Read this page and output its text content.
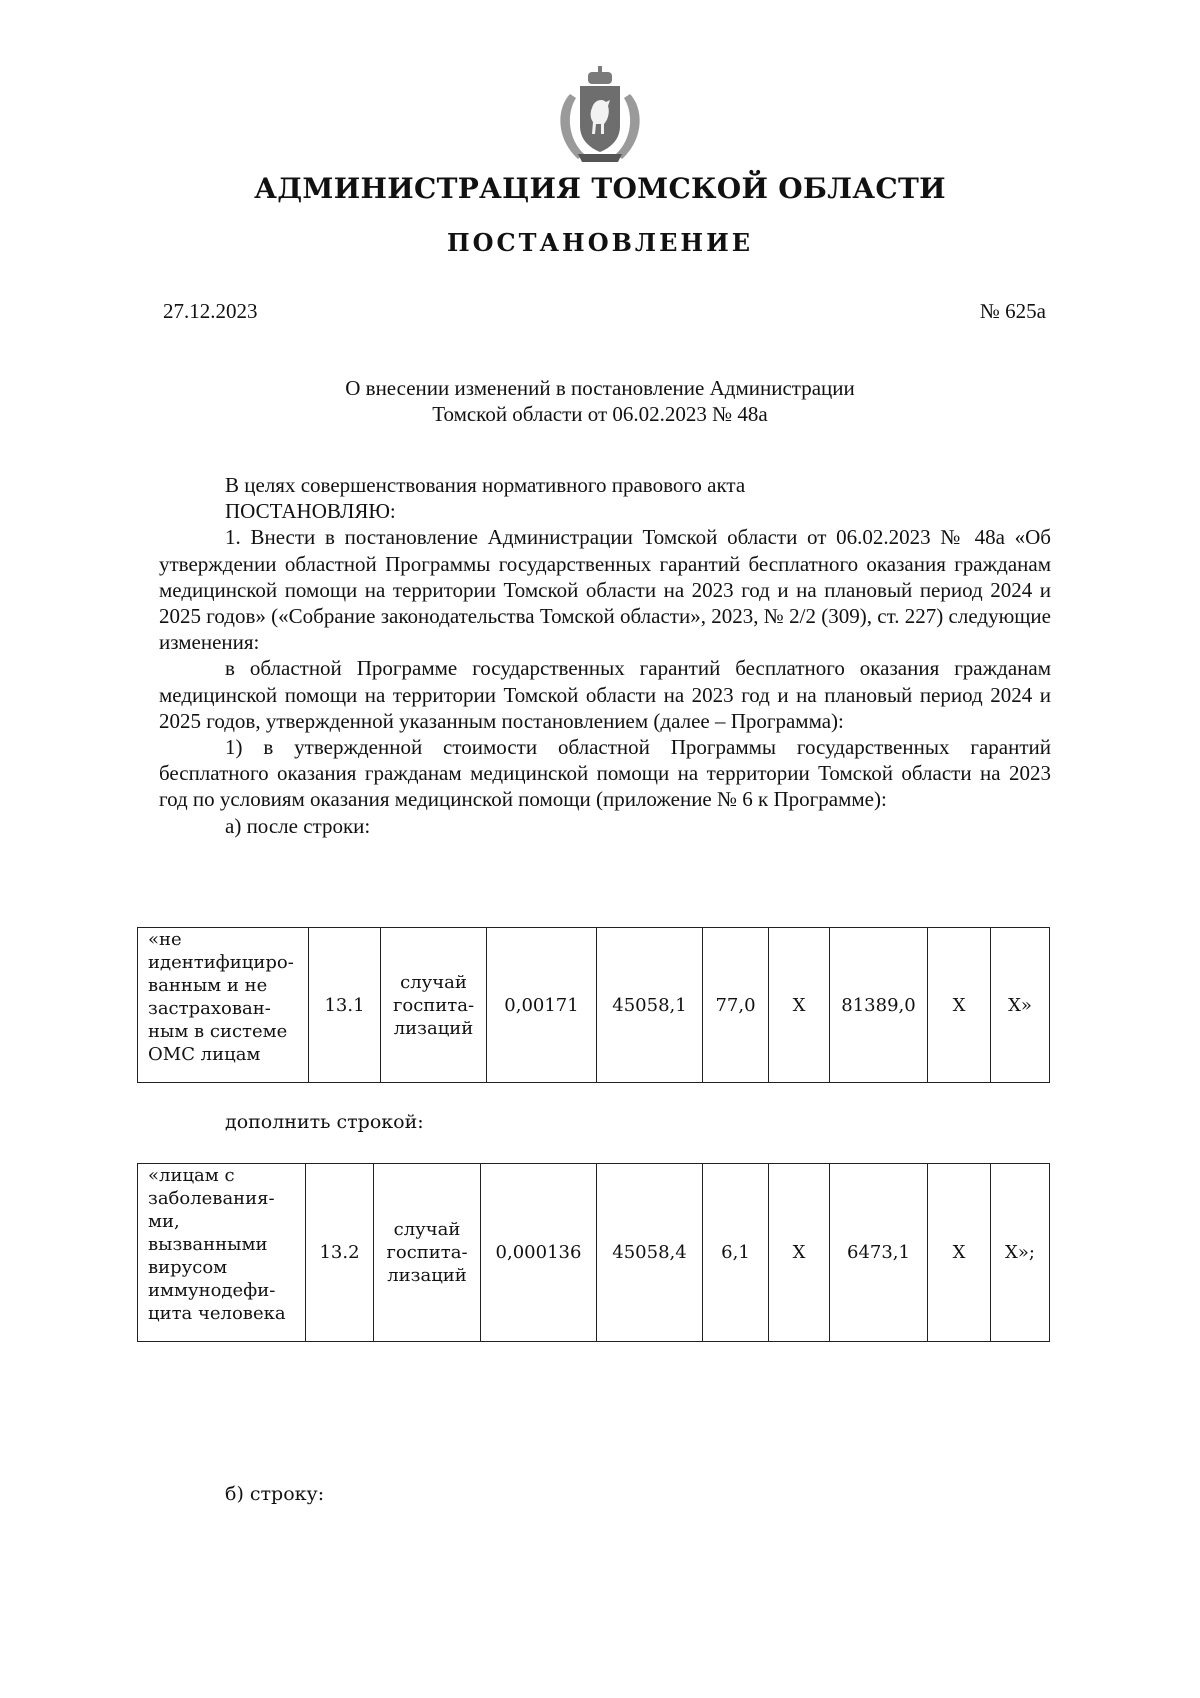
АДМИНИСТРАЦИЯ ТОМСКОЙ ОБЛАСТИ
ПОСТАНОВЛЕНИЕ
27.12.2023	№ 625а
О внесении изменений в постановление Администрации
Томской области от 06.02.2023 № 48а

В целях совершенствования нормативного правового акта

ПОСТАНОВЛЯЮ:

1. Внести в постановление Администрации Томской области от 06.02.2023 № 48а «Об утверждении областной Программы государственных гарантий бесплатного оказания гражданам медицинской помощи на территории Томской области на 2023 год и на плановый период 2024 и 2025 годов» («Собрание законодательства Томской области», 2023, № 2/2 (309), ст. 227) следующие изменения:

в областной Программе государственных гарантий бесплатного оказания гражданам медицинской помощи на территории Томской области на 2023 год и на плановый период 2024 и 2025 годов, утвержденной указанным постановлением (далее – Программа):

1) в утвержденной стоимости областной Программы государственных гарантий бесплатного оказания гражданам медицинской помощи на территории Томской области на 2023 год по условиям оказания медицинской помощи (приложение № 6 к Программе):

а) после строки:

«не идентифициро-ванным и не застрахован-ным в системе ОМС лицам	13.1	случай госпита-лизаций	0,00171	45058,1	77,0	Х	81389,0	Х	Х»
дополнить строкой:
«лицам с заболевания-ми, вызванными вирусом иммунодефи-цита человека	13.2	случай госпита-лизаций	0,000136	45058,4	6,1	Х	6473,1	Х	Х»;
б) строку:
